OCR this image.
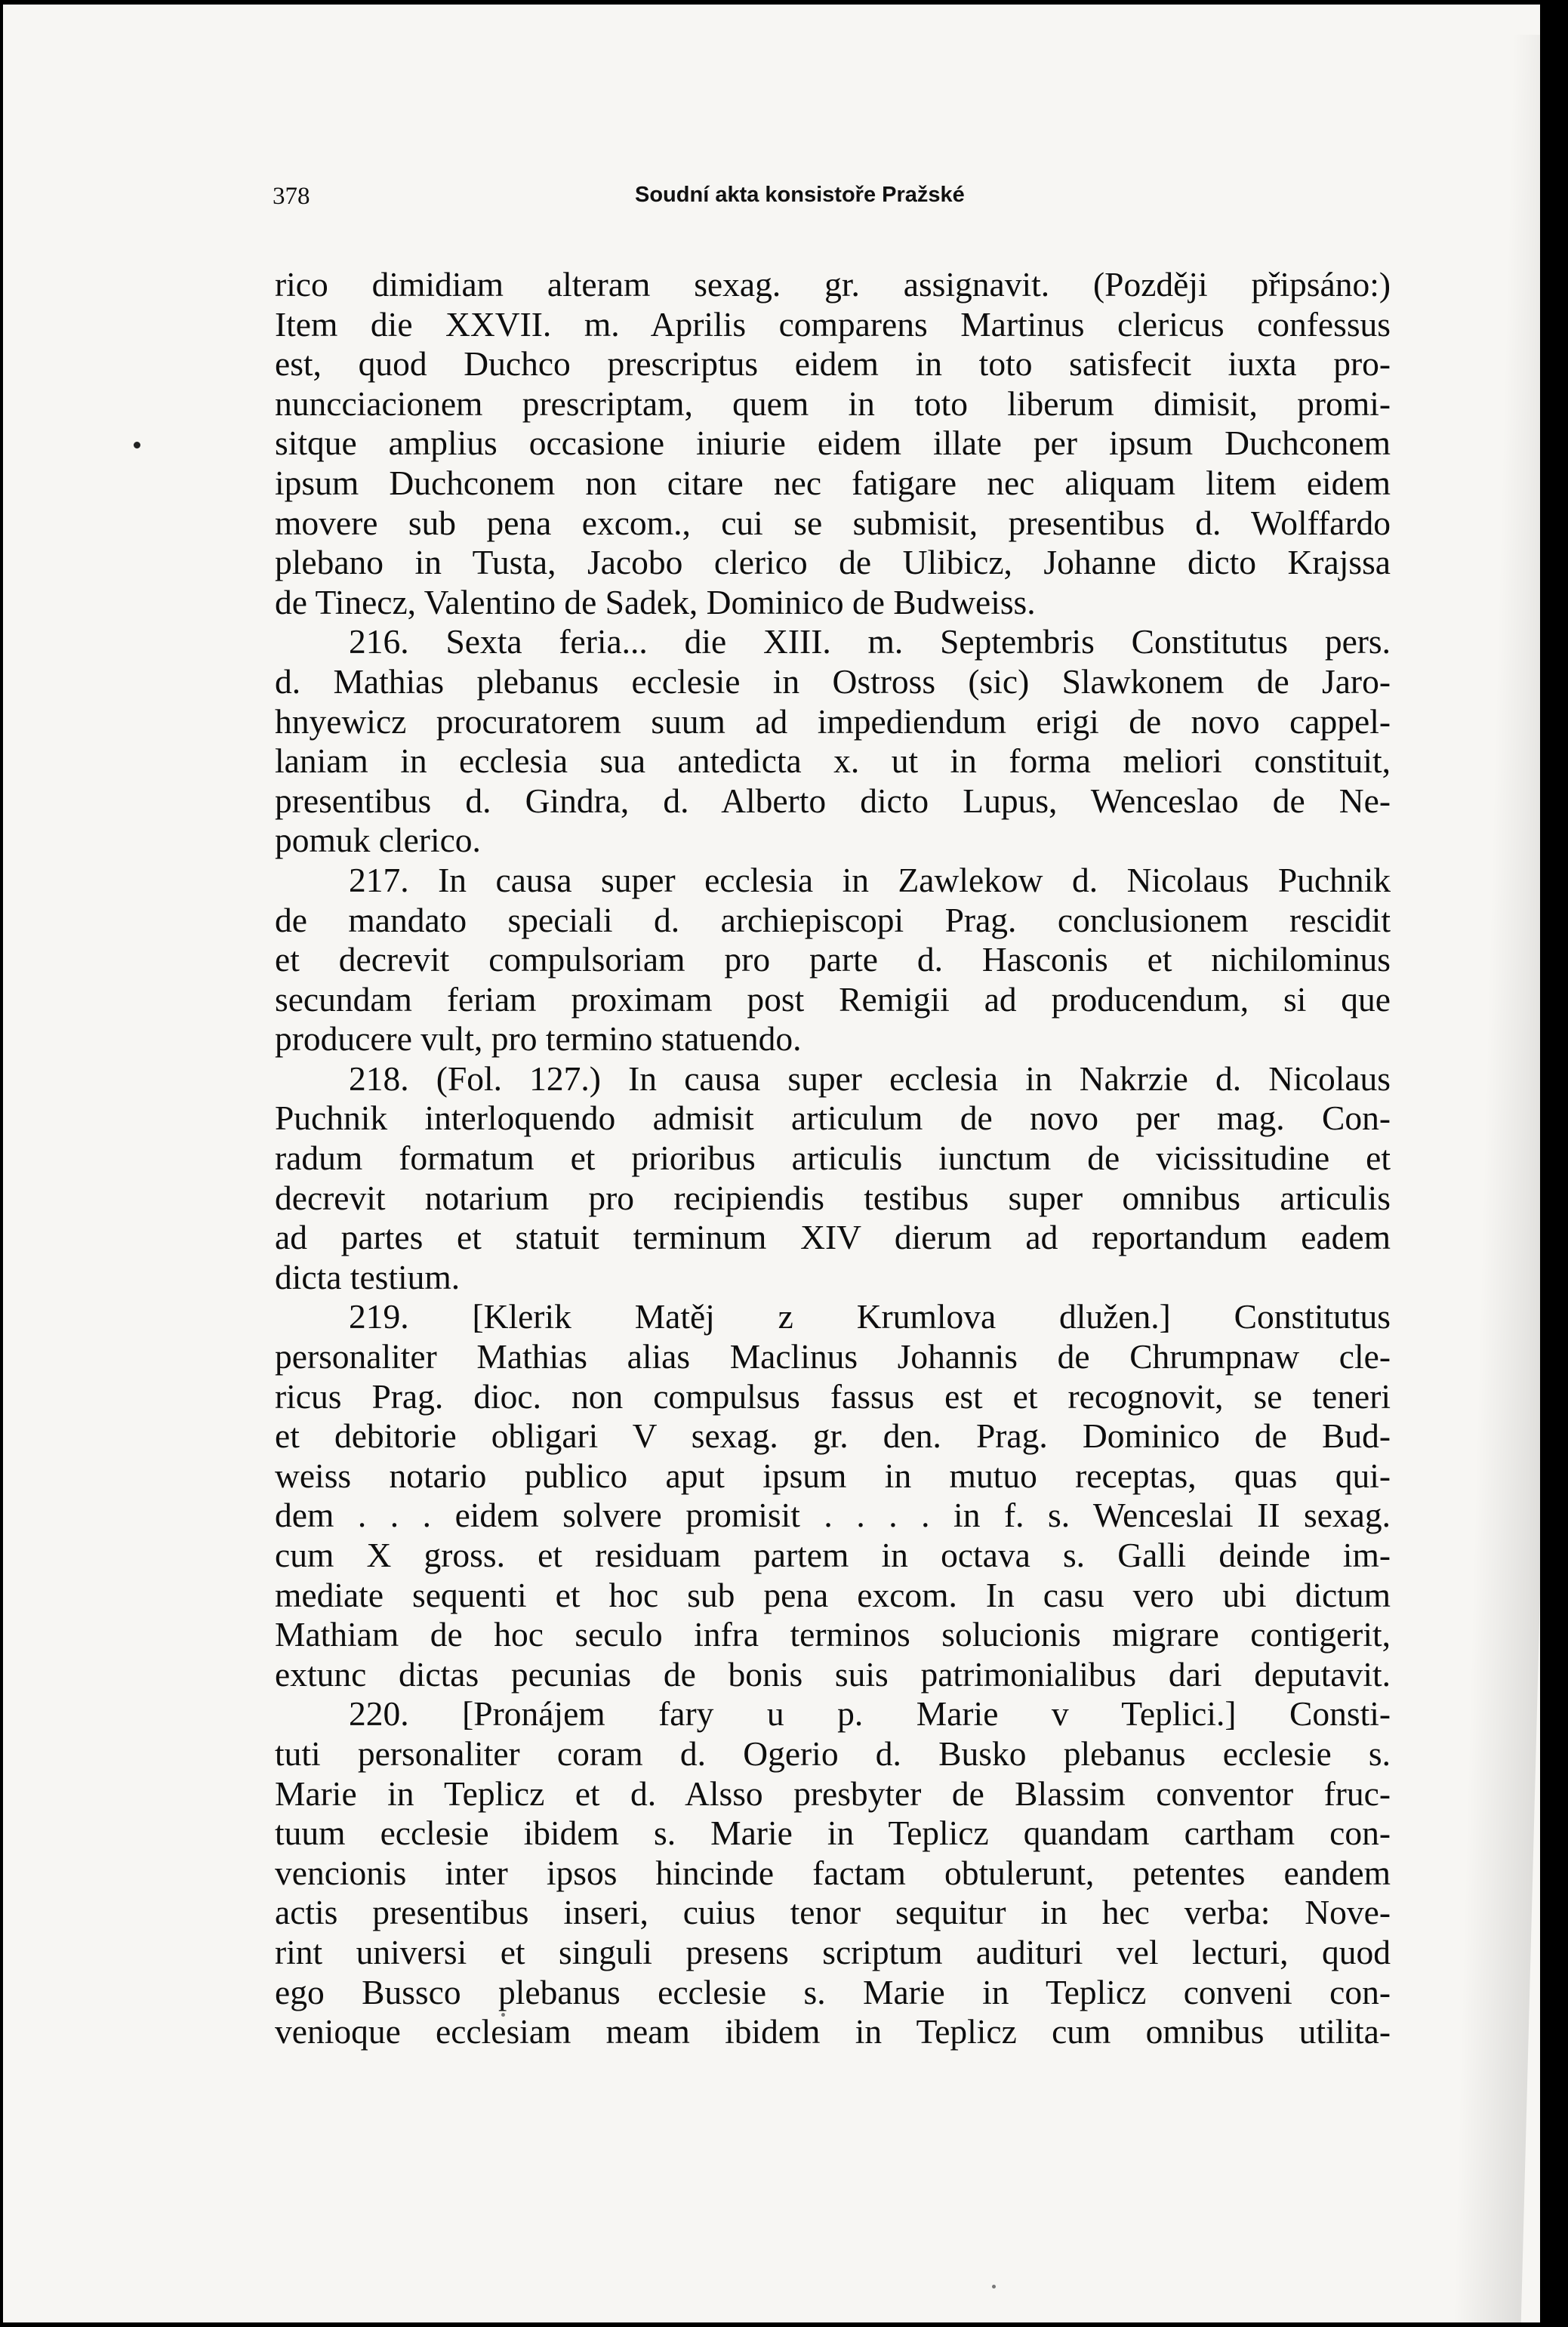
378	Soudní akta konsistoře Pražské
rico dimidiam alteram sexag. gr. assignavit. (Později připsáno:)
Item die XXVII. m. Aprilis comparens Martinus clericus confessus
est, quod Duchco prescriptus eidem in toto satisfecit iuxta pro-
nuncciacionem prescriptam, quem in toto liberum dimisit, promi-
sitque amplius occasione iniurie eidem illate per ipsum Duchconem
ipsum Duchconem non citare nec fatigare nec aliquam litem eidem
movere sub pena excom., cui se submisit, presentibus d. Wolffardo
plebano in Tusta, Jacobo clerico de Ulibicz, Johanne dicto Krajssa
de Tinecz, Valentino de Sadek, Dominico de Budweiss.
216. Sexta feria... die XIII. m. Septembris Constitutus pers.
d. Mathias plebanus ecclesie in Ostross (sic) Slawkonem de Jaro-
hnyewicz procuratorem suum ad impediendum erigi de novo cappel-
laniam in ecclesia sua antedicta x. ut in forma meliori constituit,
presentibus d. Gindra, d. Alberto dicto Lupus, Wenceslao de Ne-
pomuk clerico.
217. In causa super ecclesia in Zawlekow d. Nicolaus Puchnik
de mandato speciali d. archiepiscopi Prag. conclusionem rescidit
et decrevit compulsoriam pro parte d. Hasconis et nichilominus
secundam feriam proximam post Remigii ad producendum, si que
producere vult, pro termino statuendo.
218. (Fol. 127.) In causa super ecclesia in Nakrzie d. Nicolaus
Puchnik interloquendo admisit articulum de novo per mag. Con-
radum formatum et prioribus articulis iunctum de vicissitudine et
decrevit notarium pro recipiendis testibus super omnibus articulis
ad partes et statuit terminum XIV dierum ad reportandum eadem
dicta testium.
219. [Klerik Matěj z Krumlova dlužen.] Constitutus
personaliter Mathias alias Maclinus Johannis de Chrumpnaw cle-
ricus Prag. dioc. non compulsus fassus est et recognovit, se teneri
et debitorie obligari V sexag. gr. den. Prag. Dominico de Bud-
weiss notario publico aput ipsum in mutuo receptas, quas qui-
dem . . . eidem solvere promisit . . . . in f. s. Wenceslai II sexag.
cum X gross. et residuam partem in octava s. Galli deinde im-
mediate sequenti et hoc sub pena excom. In casu vero ubi dictum
Mathiam de hoc seculo infra terminos solucionis migrare contigerit,
extunc dictas pecunias de bonis suis patrimonialibus dari deputavit.
220. [Pronájem fary u p. Marie v Teplici.] Consti-
tuti personaliter coram d. Ogerio d. Busko plebanus ecclesie s.
Marie in Teplicz et d. Alsso presbyter de Blassim conventor fruc-
tuum ecclesie ibidem s. Marie in Teplicz quandam cartham con-
vencionis inter ipsos hincinde factam obtulerunt, petentes eandem
actis presentibus inseri, cuius tenor sequitur in hec verba: Nove-
rint universi et singuli presens scriptum audituri vel lecturi, quod
ego Bussco plebanus ecclesie s. Marie in Teplicz conveni con-
venioque ecclesiam meam ibidem in Teplicz cum omnibus utilita-
